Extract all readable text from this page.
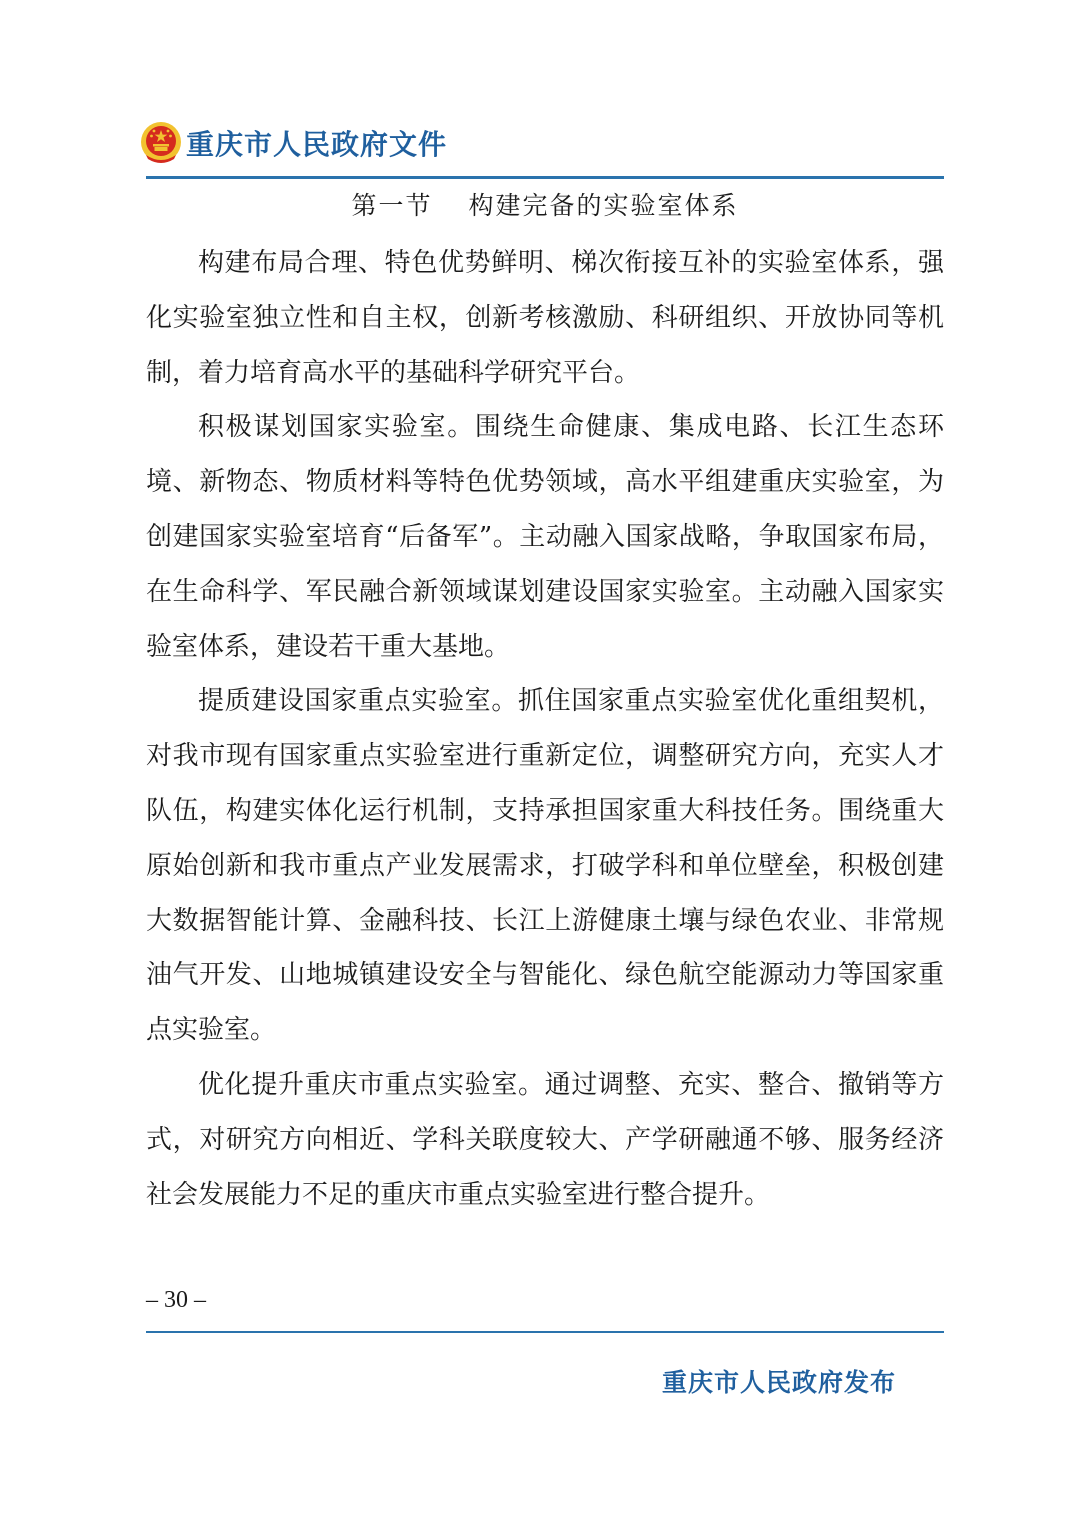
重庆市人民政府文件
第一节 构建完备的实验室体系

构建布局合理、特色优势鲜明、梯次衔接互补的实验室体系，强化实验室独立性和自主权，创新考核激励、科研组织、开放协同等机制，着力培育高水平的基础科学研究平台。

积极谋划国家实验室。围绕生命健康、集成电路、长江生态环境、新物态、物质材料等特色优势领域，高水平组建重庆实验室，为创建国家实验室培育“后备军”。主动融入国家战略，争取国家布局，在生命科学、军民融合新领域谋划建设国家实验室。主动融入国家实验室体系，建设若干重大基地。

提质建设国家重点实验室。抓住国家重点实验室优化重组契机，对我市现有国家重点实验室进行重新定位，调整研究方向，充实人才队伍，构建实体化运行机制，支持承担国家重大科技任务。围绕重大原始创新和我市重点产业发展需求，打破学科和单位壁垒，积极创建大数据智能计算、金融科技、长江上游健康土壤与绿色农业、非常规油气开发、山地城镇建设安全与智能化、绿色航空能源动力等国家重点实验室。

优化提升重庆市重点实验室。通过调整、充实、整合、撤销等方式，对研究方向相近、学科关联度较大、产学研融通不够、服务经济社会发展能力不足的重庆市重点实验室进行整合提升。

– 30 –
重庆市人民政府发布
